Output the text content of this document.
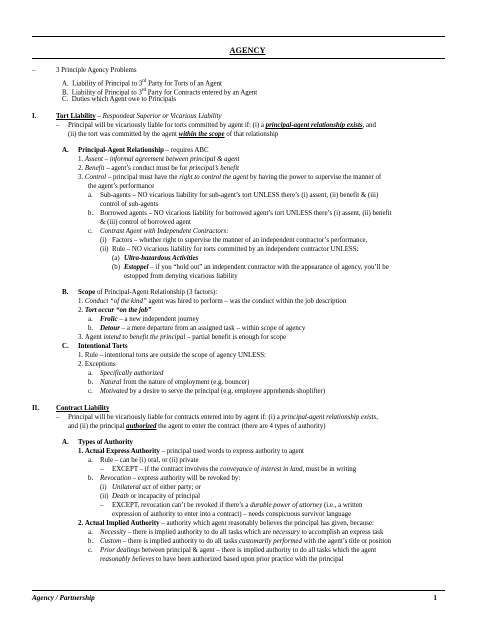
AGENCY
–	3 Principle Agency Problems
A. Liability of Principal to 3rd Party for Torts of an Agent
B. Liability of Principal to 3rd Party for Contracts entered by an Agent
C. Duties which Agent owe to Principals
I.	Tort Liability – Respondeat Superior or Vicarious Liability
– Principal will be vicariously liable for torts committed by agent if: (i) a principal-agent relationship exists, and
(ii) the tort was committed by the agent within the scope of that relationship
A. Principal-Agent Relationship – requires ABC
1. Assent – informal agreement between principal & agent
2. Benefit – agent’s conduct must be for principal’s benefit
3. Control – principal must have the right to control the agent by having the power to supervise the manner of
the agent’s performance
a. Sub-agents – NO vicarious liability for sub-agent’s tort UNLESS there’s (i) assent, (ii) benefit & (iii)
control of sub-agents
b. Borrowed agents – NO vicarious liability for borrowed agent’s tort UNLESS there’s (i) assent, (ii) benefit
& (iii) control of borrowed agent
c. Contrast Agent with Independent Contractors:
(i) Factors – whether right to supervise the manner of an independent contractor’s performance,
(ii) Rule – NO vicarious liability for torts committed by an independent contractor UNLESS:
(a) Ultra-hazardous Activities
(b) Estoppel – if you “hold out” an independent contractor with the appearance of agency, you’ll be
estopped from denying vicarious liability
B. Scope of Principal-Agent Relationship (3 factors):
1. Conduct “of the kind” agent was hired to perform – was the conduct within the job description
2. Tort occur “on the job”
a. Frolic – a new independent journey
b. Detour – a mere departure from an assigned task – within scope of agency
3. Agent intend to benefit the principal – partial benefit is enough for scope
C. Intentional Torts
1. Rule – intentional torts are outside the scope of agency UNLESS:
2. Exceptions
a. Specifically authorized
b. Natural from the nature of employment (e.g. bouncer)
c. Motivated by a desire to serve the principal (e.g. employee apprehends shoplifter)
II. Contract Liability
– Principal will be vicariously liable for contracts entered into by agent if: (i) a principal-agent relationship exists,
and (ii) the principal authorized the agent to enter the contract (there are 4 types of authority)
A. Types of Authority
1. Actual Express Authority – principal used words to express authority to agent
a. Rule – can be (i) oral, or (ii) private
– EXCEPT – if the contract involves the conveyance of interest in land, must be in writing
b. Revocation – express authority will be revoked by:
(i) Unilateral act of either party; or
(ii) Death or incapacity of principal
– EXCEPT, revocation can’t be revoked if there’s a durable power of attorney (i.e., a written
expression of authority to enter into a contract) – needs conspicuous survivor language
2. Actual Implied Authority – authority which agent reasonably believes the principal has given, because:
a. Necessity – there is implied authority to do all tasks which are necessary to accomplish an express task
b. Custom – there is implied authority to do all tasks customarily performed with the agent’s title or position
c. Prior dealings between principal & agent – there is implied authority to do all tasks which the agent
reasonably believes to have been authorized based upon prior practice with the principal
Agency / Partnership	1
